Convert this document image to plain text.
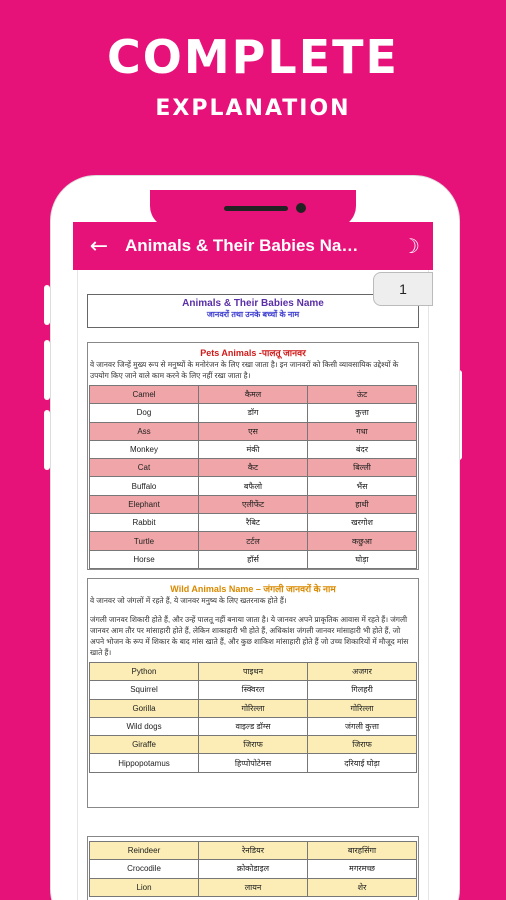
COMPLETE
EXPLANATION
Animals & Their Babies Name
जानवरों तथा उनके बच्चों के नाम
Pets Animals -पालतू जानवर
वे जानवर जिन्हें मुख्य रूप से मनुष्यों के मनोरंजन के लिए रखा जाता है। इन जानवरों को किसी व्यावसायिक उद्देश्यों के उपयोग किए जाने वाले काम करने के लिए नहीं रखा जाता है।
Camel	कैमल	ऊंट
Dog	डॉग	कुत्ता
Ass	एस	गधा
Monkey	मंकी	बंदर
Cat	कैट	बिल्ली
Buffalo	बफैलो	भैंस
Elephant	एलीफेंट	हाथी
Rabbit	रैबिट	खरगोश
Turtle	टर्टल	कछुआ
Horse	हॉर्स	घोड़ा
Wild Animals Name – जंगली जानवरों के नाम
वे जानवर जो जंगलों में रहते हैं, ये जानवर मनुष्य के लिए खतरनाक होते हैं।
जंगली जानवर शिकारी होते हैं, और उन्हें पालतू नहीं बनाया जाता है। ये जानवर अपने प्राकृतिक आवास में रहते हैं। जंगली जानवर आम तौर पर मांसाहारी होते हैं, लेकिन शाकाहारी भी होते हैं, अधिकांश जंगली जानवर मांसाहारी भी होते हैं, जो अपने भोजन के रूप में शिकार के बाद मांस खाते हैं, और कुछ शाकिश मांसाहारी होते हैं जो उच्च शिकारियों में मौजूद मांस खाते हैं।
Python	पाइथन	अजगर
Squirrel	स्क्विरल	गिलहरी
Gorilla	गोरिल्ला	गोरिल्ला
Wild dogs	वाइल्ड डॉग्स	जंगली कुत्ता
Giraffe	जिराफ	जिराफ
Hippopotamus	हिप्पोपोटेमस	दरियाई घोड़ा
Reindeer	रेनडियर	बारहसिंगा
Crocodile	क्रोकोडाइल	मगरमच्छ
Lion	लायन	शेर
← Animals & Their Babies Na…	☽
1
